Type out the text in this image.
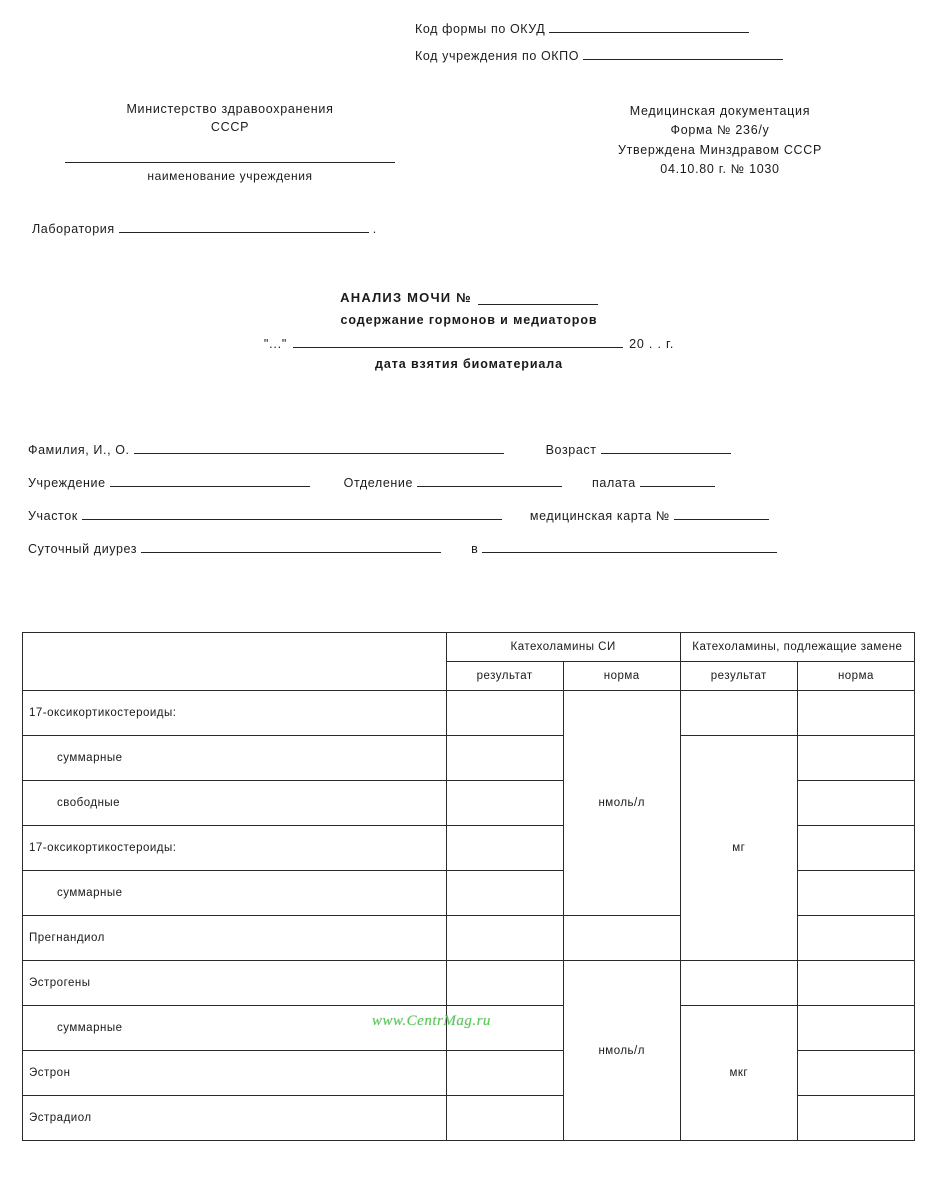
Код формы по ОКУД
Код учреждения по ОКПО
Министерство здравоохранения
СССР
наименование учреждения
Медицинская документация
Форма № 236/у
Утверждена Минздравом СССР
04.10.80 г. № 1030
Лаборатория	.
АНАЛИЗ МОЧИ №
содержание гормонов и медиаторов
"..."	20 . . г.
дата взятия биоматериала
Фамилия, И., О.	Возраст
Учреждение	Отделение	палата
Участок	медицинская карта №
Суточный диурез	в
	Катехоламины СИ		Катехоламины, подлежащие замене	
	результат	норма	результат	норма
17-оксикортикостероиды:		нмоль/л		
суммарные			мг	
свободные				
17-оксикортикостероиды:				
суммарные				
Прегнандиол				
Эстрогены		нмоль/л		
суммарные			мкг	
Эстрон				
Эстрадиол				
www.CentrMag.ru
